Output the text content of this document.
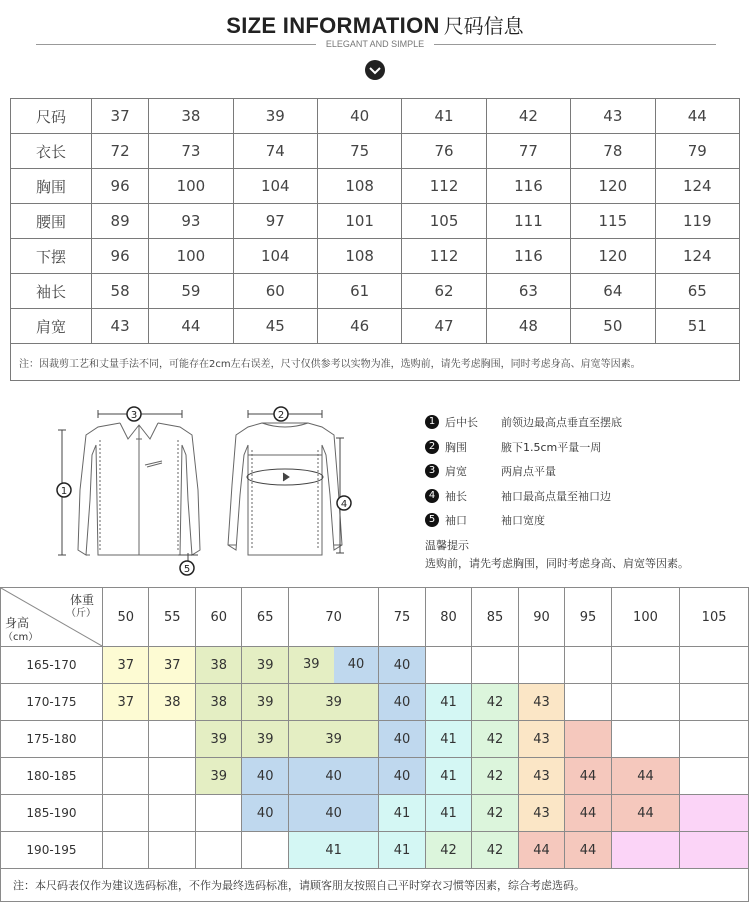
SIZE INFORMATION 尺码信息
ELEGANT AND SIMPLE
尺码	37	38	39	40	41	42	43	44
衣长	72	73	74	75	76	77	78	79
胸围	96	100	104	108	112	116	120	124
腰围	89	93	97	101	105	111	115	119
下摆	96	100	104	108	112	116	120	124
袖长	58	59	60	61	62	63	64	65
肩宽	43	44	45	46	47	48	50	51
注：因裁剪工艺和丈量手法不同，可能存在2cm左右误差，尺寸仅供参考以实物为准，选购前，请先考虑胸围，同时考虑身高、肩宽等因素。								
3	2
1
4
5
1 后中长	前领边最高点垂直至摆底
2 胸围	腋下1.5cm平量一周
3 肩宽	两肩点平量
4 袖长	袖口最高点量至袖口边
5 袖口	袖口宽度
温馨提示
选购前，请先考虑胸围，同时考虑身高、肩宽等因素。
体重
（斤）
身高
（cm）	50	55	60	65	70	75	80	85	90	95	100	105
165-170	37	37	38	39	39 40	40						
170-175	37	38	38	39	39	40	41	42	43			
175-180			39	39	39	40	41	42	43			
180-185			39	40	40	40	41	42	43	44	44	
185-190				40	40	41	41	42	43	44	44	
190-195					41	41	42	42	44	44		
注：本尺码表仅作为建议选码标准，不作为最终选码标准，请顾客朋友按照自己平时穿衣习惯等因素，综合考虑选码。												
